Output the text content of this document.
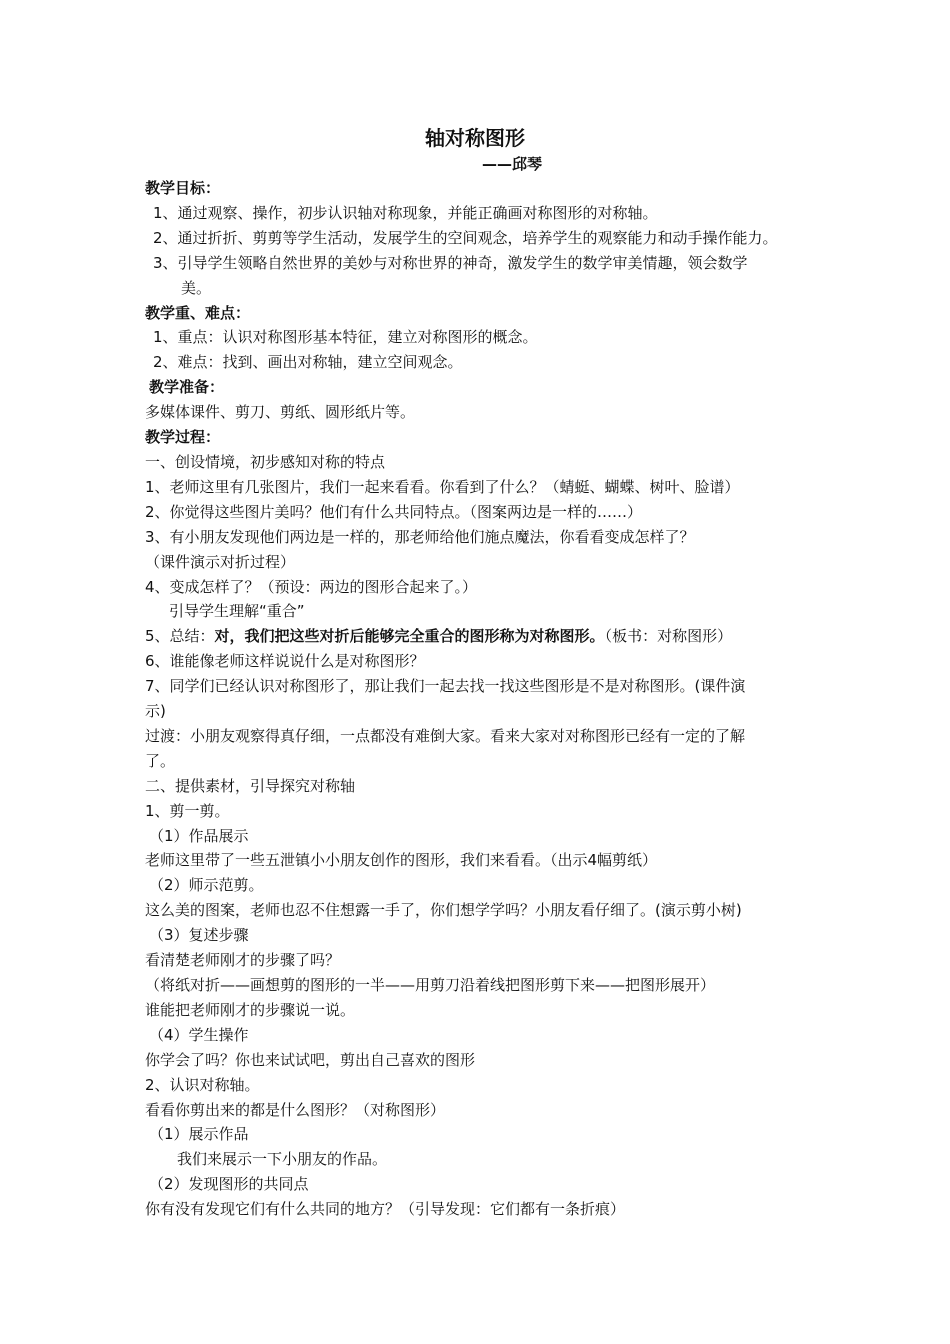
轴对称图形
——邱琴

教学目标：

1、通过观察、操作，初步认识轴对称现象，并能正确画对称图形的对称轴。

2、通过折折、剪剪等学生活动，发展学生的空间观念，培养学生的观察能力和动手操作能力。

3、引导学生领略自然世界的美妙与对称世界的神奇，激发学生的数学审美情趣，领会数学

美。

教学重、难点：

1、重点：认识对称图形基本特征，建立对称图形的概念。

2、难点：找到、画出对称轴，建立空间观念。

教学准备：

多媒体课件、剪刀、剪纸、圆形纸片等。

教学过程：

一、创设情境，初步感知对称的特点

1、老师这里有几张图片，我们一起来看看。你看到了什么？（蜻蜓、蝴蝶、树叶、脸谱）

2、你觉得这些图片美吗？他们有什么共同特点。（图案两边是一样的……）

3、有小朋友发现他们两边是一样的，那老师给他们施点魔法，你看看变成怎样了？

（课件演示对折过程）

4、变成怎样了？（预设：两边的图形合起来了。）

引导学生理解“重合”

5、总结：对，我们把这些对折后能够完全重合的图形称为对称图形。（板书：对称图形）

6、谁能像老师这样说说什么是对称图形？

7、同学们已经认识对称图形了，那让我们一起去找一找这些图形是不是对称图形。(课件演

示)

过渡：小朋友观察得真仔细，一点都没有难倒大家。看来大家对对称图形已经有一定的了解

了。

二、提供素材，引导探究对称轴

1、剪一剪。

（1）作品展示

老师这里带了一些五泄镇小小朋友创作的图形，我们来看看。（出示4幅剪纸）

（2）师示范剪。

这么美的图案，老师也忍不住想露一手了，你们想学学吗？小朋友看仔细了。(演示剪小树)

（3）复述步骤

看清楚老师刚才的步骤了吗？

（将纸对折——画想剪的图形的一半——用剪刀沿着线把图形剪下来——把图形展开）

谁能把老师刚才的步骤说一说。

（4）学生操作

你学会了吗？你也来试试吧，剪出自己喜欢的图形

2、认识对称轴。

看看你剪出来的都是什么图形？（对称图形）

（1）展示作品

我们来展示一下小朋友的作品。

（2）发现图形的共同点

你有没有发现它们有什么共同的地方？（引导发现：它们都有一条折痕）
